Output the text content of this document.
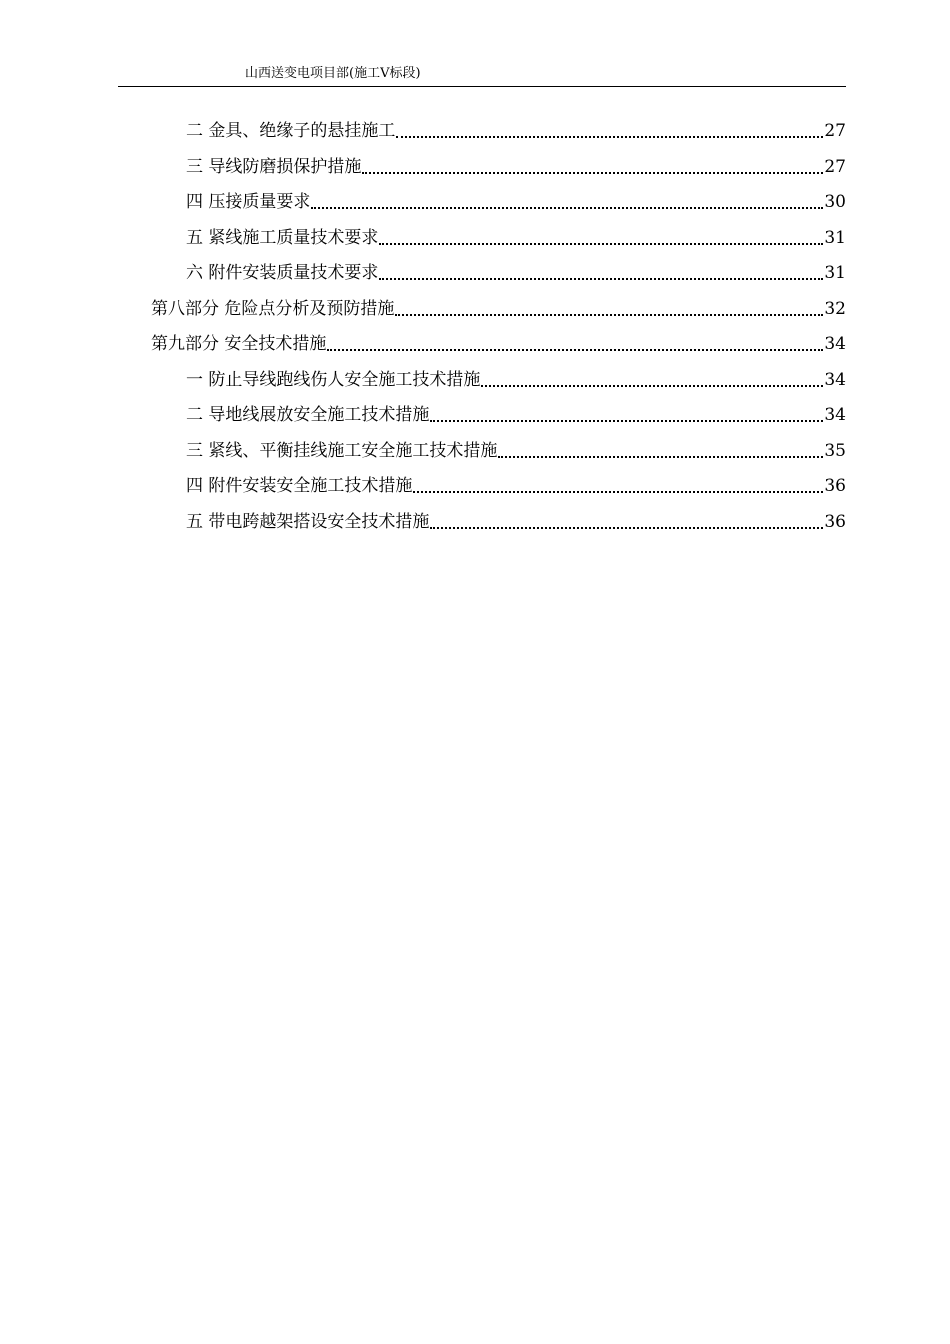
山西送变电项目部(施工Ⅴ标段)
二 金具、绝缘子的悬挂施工	27
三 导线防磨损保护措施	27
四 压接质量要求	30
五 紧线施工质量技术要求	31
六 附件安装质量技术要求	31
第八部分 危险点分析及预防措施	32
第九部分 安全技术措施	34
一 防止导线跑线伤人安全施工技术措施	34
二 导地线展放安全施工技术措施	34
三 紧线、平衡挂线施工安全施工技术措施	35
四 附件安装安全施工技术措施	36
五 带电跨越架搭设安全技术措施	36
